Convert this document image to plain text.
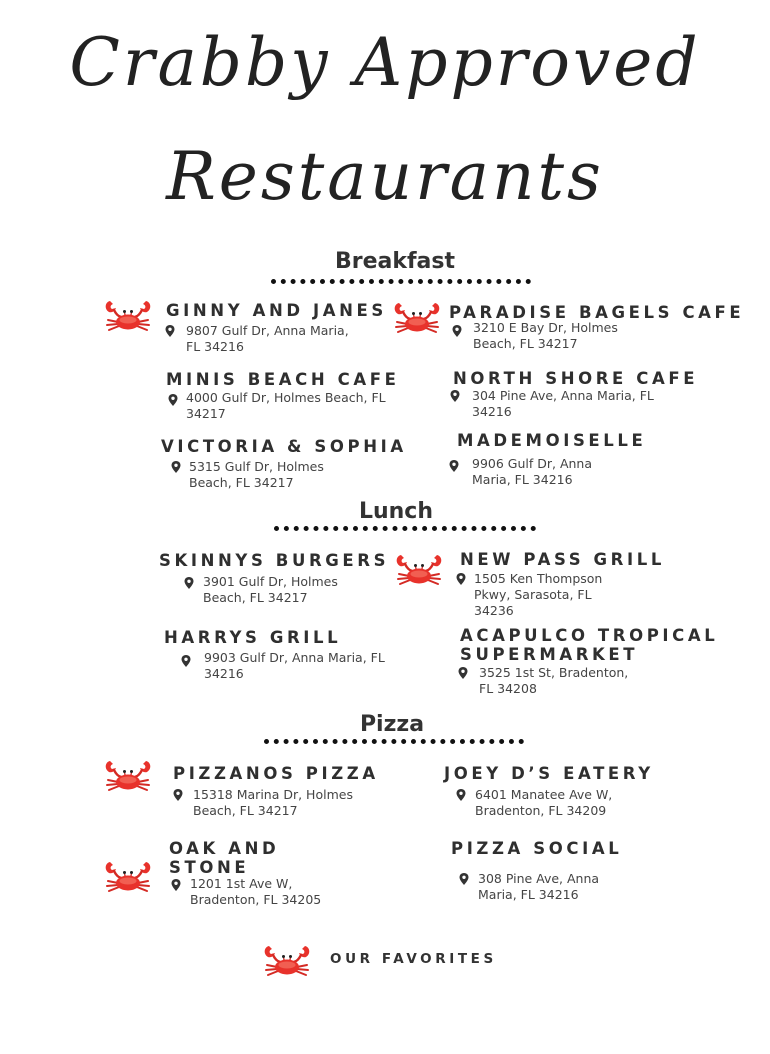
Crabby Approved
Restaurants
Breakfast
GINNY AND JANES
9807 Gulf Dr, Anna Maria,
FL 34216
PARADISE BAGELS CAFE
3210 E Bay Dr, Holmes
Beach, FL 34217
MINIS BEACH CAFE
4000 Gulf Dr, Holmes Beach, FL
34217
NORTH SHORE CAFE
304 Pine Ave, Anna Maria, FL
34216
VICTORIA & SOPHIA
5315 Gulf Dr, Holmes
Beach, FL 34217
MADEMOISELLE
9906 Gulf Dr, Anna
Maria, FL 34216
Lunch
SKINNYS BURGERS
3901 Gulf Dr, Holmes
Beach, FL 34217
NEW PASS GRILL
1505 Ken Thompson
Pkwy, Sarasota, FL
34236
HARRYS GRILL
9903 Gulf Dr, Anna Maria, FL
34216
ACAPULCO TROPICAL
SUPERMARKET
3525 1st St, Bradenton,
FL 34208
Pizza
PIZZANOS PIZZA
15318 Marina Dr, Holmes
Beach, FL 34217
JOEY D’S EATERY
6401 Manatee Ave W,
Bradenton, FL 34209
OAK AND
STONE
1201 1st Ave W,
Bradenton, FL 34205
PIZZA SOCIAL
308 Pine Ave, Anna
Maria, FL 34216
OUR FAVORITES
